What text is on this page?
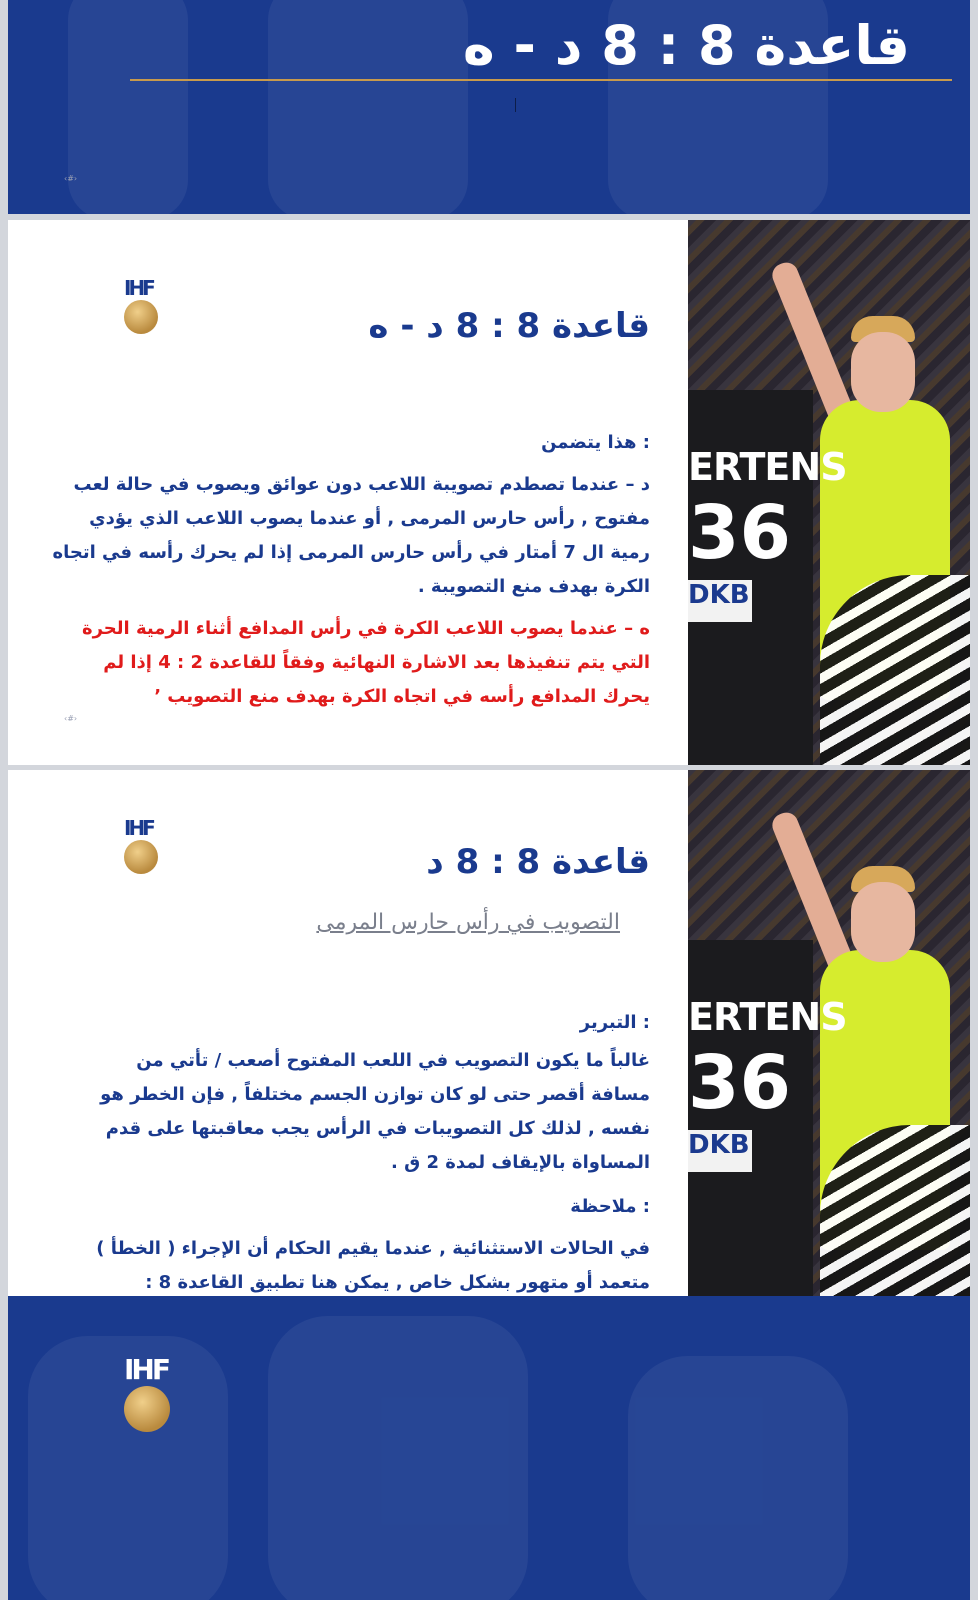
قاعدة 8 : 8 د - ه
‹#›
IHF
قاعدة 8 : 8 د - ه
: هذا يتضمن
د – عندما تصطدم تصويبة اللاعب دون عوائق ويصوب في حالة لعب مفتوح , رأس حارس المرمى , أو عندما يصوب اللاعب الذي يؤدي رمية ال 7 أمتار في رأس حارس المرمى إذا لم يحرك رأسه في اتجاه الكرة بهدف منع التصويبة .
ه – عندما يصوب اللاعب الكرة في رأس المدافع أثناء الرمية الحرة التي يتم تنفيذها بعد الاشارة النهائية وفقاً للقاعدة 2 : 4 إذا لم يحرك المدافع رأسه في اتجاه الكرة بهدف منع التصويب ’
‹#›
ERTENS
36
DKB
IHF
قاعدة 8 : 8 د
التصويب في رأس حارس المرمى
: التبرير
غالباً ما يكون التصويب في اللعب المفتوح أصعب / تأتي من مسافة أقصر حتى لو كان توازن الجسم مختلفاً , فإن الخطر هو نفسه , لذلك كل التصويبات في الرأس يجب معاقبتها على قدم المساواة بالإيقاف لمدة 2 ق .
: ملاحظة
في الحالات الاستثنائية , عندما يقيم الحكام أن الإجراء ( الخطأ ) متعمد أو متهور بشكل خاص , يمكن هنا تطبيق القاعدة 8 :
ERTENS
36
DKB
IHF
